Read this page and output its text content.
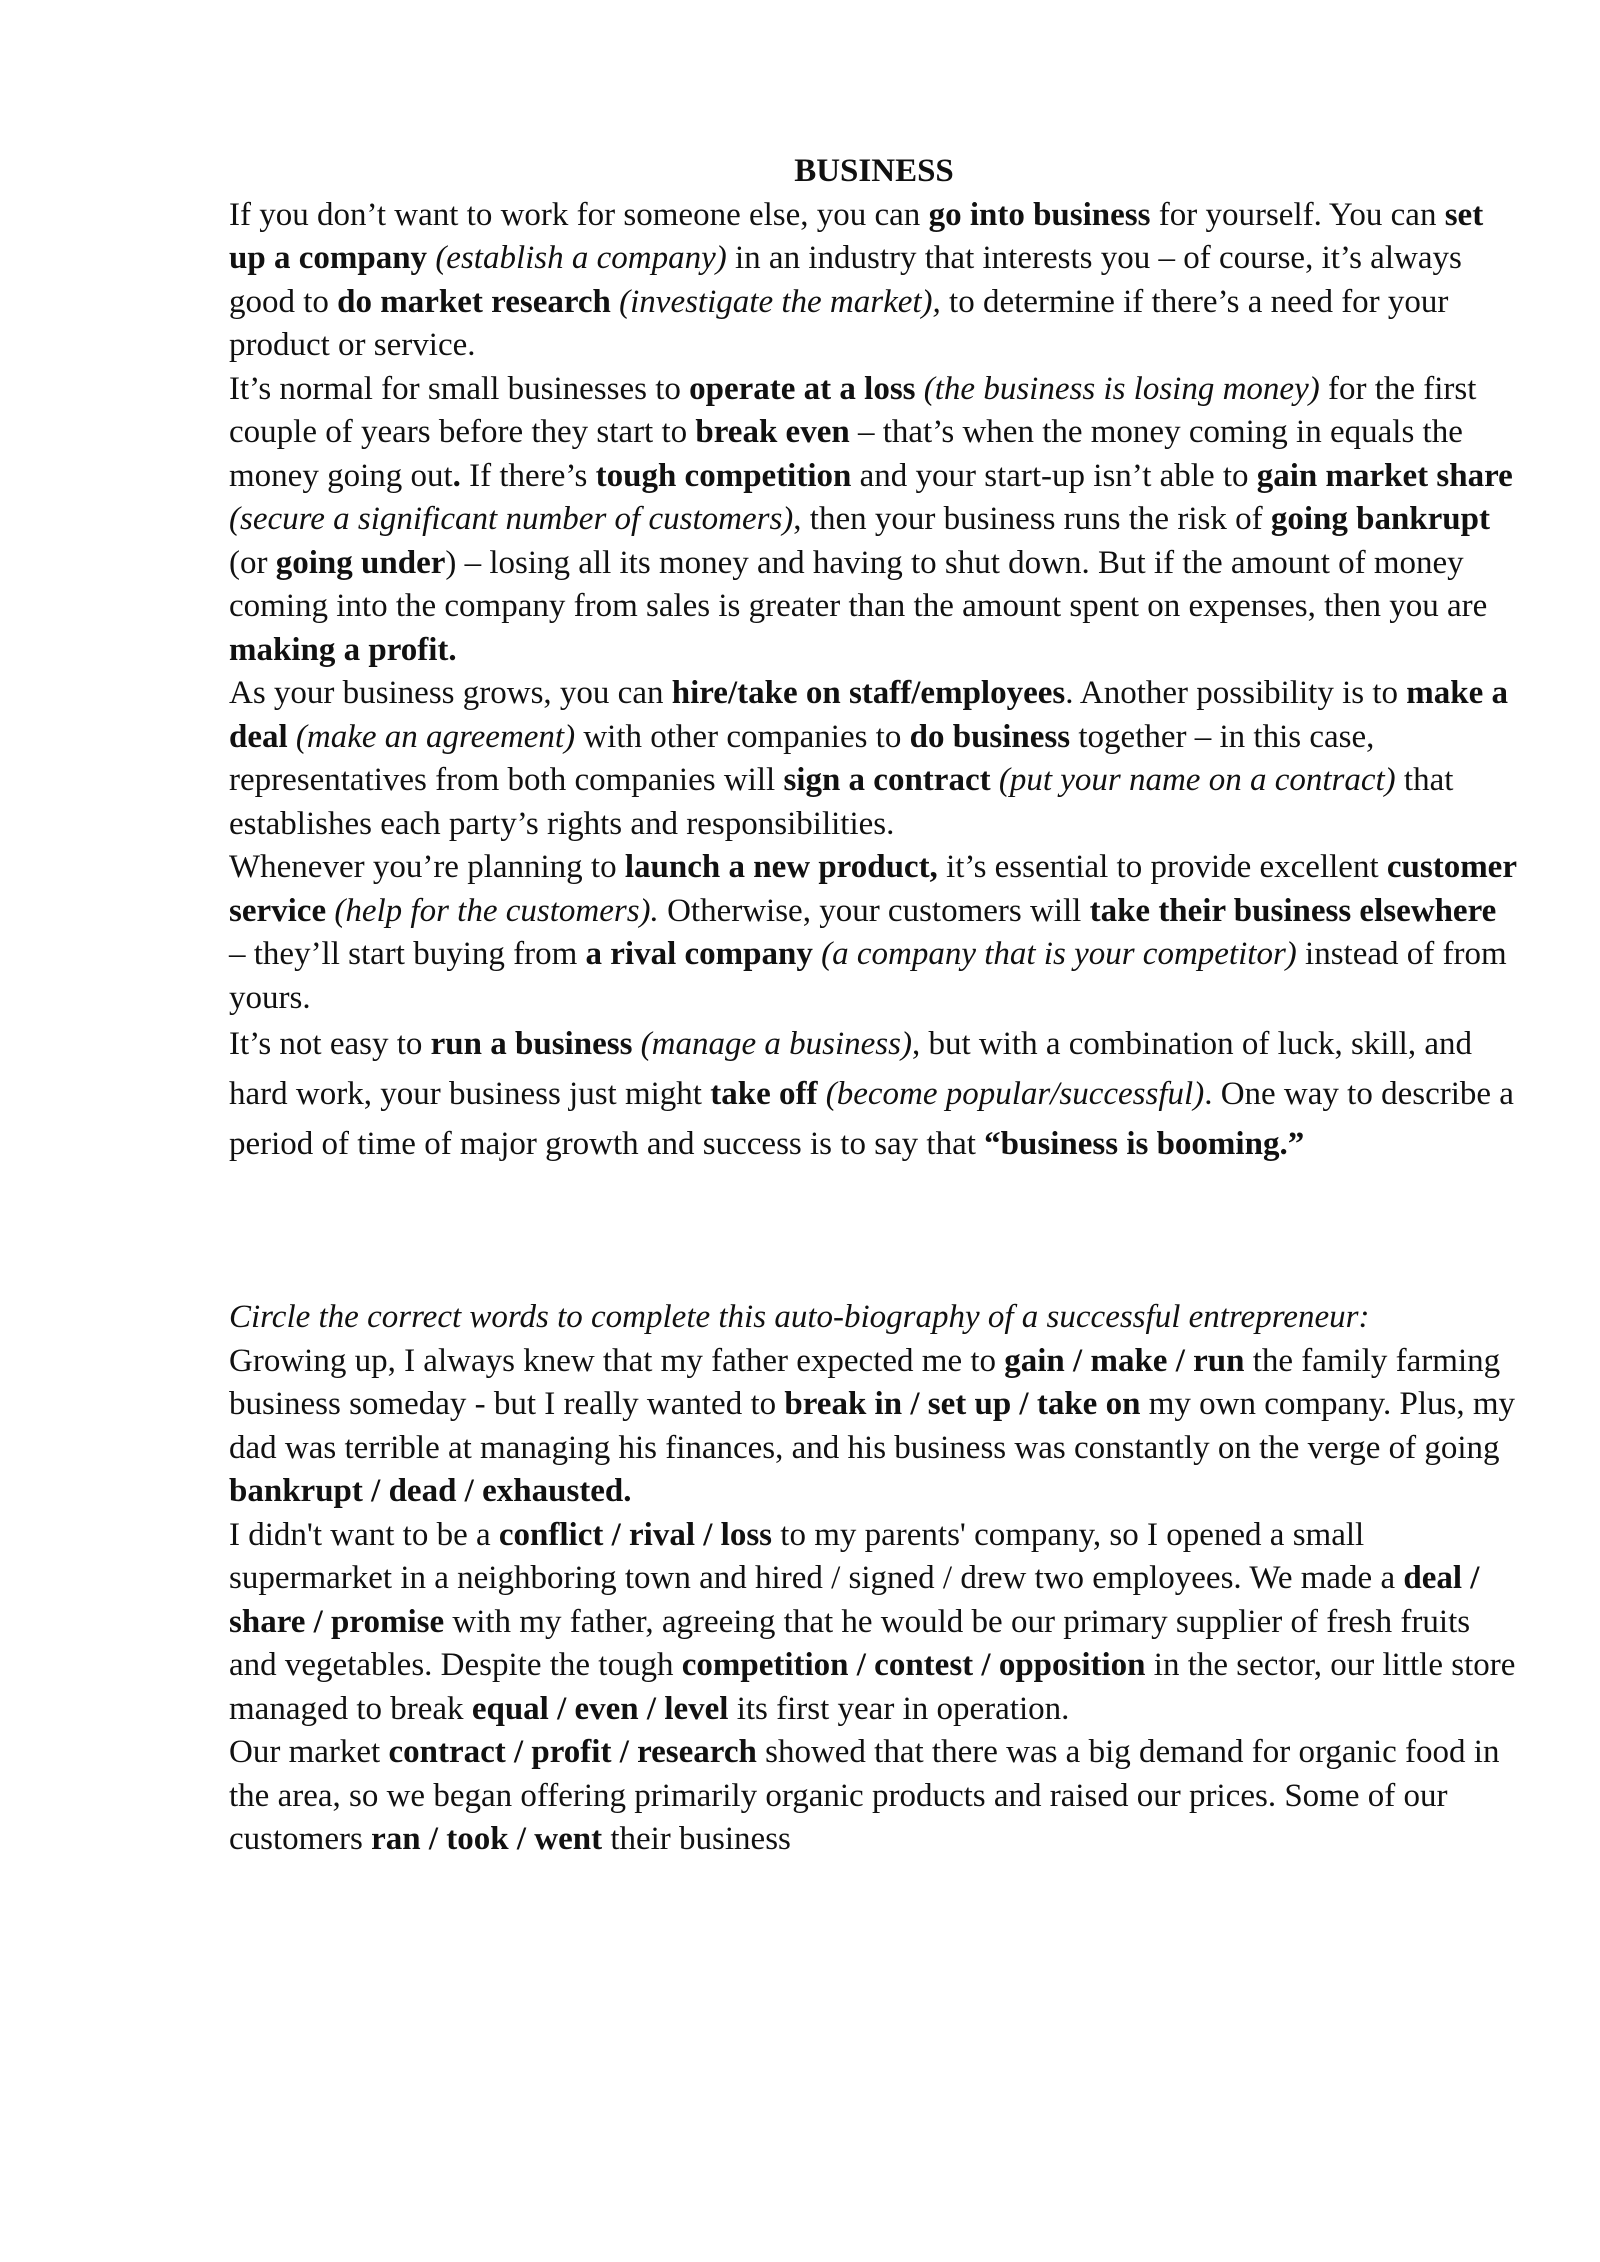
BUSINESS

If you don’t want to work for someone else, you can go into business for yourself. You can set up a company (establish a company) in an industry that interests you – of course, it’s always good to do market research (investigate the market), to determine if there’s a need for your product or service.

It’s normal for small businesses to operate at a loss (the business is losing money) for the first couple of years before they start to break even – that’s when the money coming in equals the money going out. If there’s tough competition and your start-up isn’t able to gain market share (secure a significant number of customers), then your business runs the risk of going bankrupt (or going under) – losing all its money and having to shut down. But if the amount of money coming into the company from sales is greater than the amount spent on expenses, then you are making a profit.

As your business grows, you can hire/take on staff/employees. Another possibility is to make a deal (make an agreement) with other companies to do business together – in this case, representatives from both companies will sign a contract (put your name on a contract) that establishes each party’s rights and responsibilities.

Whenever you’re planning to launch a new product, it’s essential to provide excellent customer service (help for the customers). Otherwise, your customers will take their business elsewhere – they’ll start buying from a rival company (a company that is your competitor) instead of from yours.

It’s not easy to run a business (manage a business), but with a combination of luck, skill, and hard work, your business just might take off (become popular/successful). One way to describe a period of time of major growth and success is to say that “business is booming.”

Circle the correct words to complete this auto-biography of a successful entrepreneur:

Growing up, I always knew that my father expected me to gain / make / run the family farming business someday - but I really wanted to break in / set up / take on my own company. Plus, my dad was terrible at managing his finances, and his business was constantly on the verge of going bankrupt / dead / exhausted.

I didn't want to be a conflict / rival / loss to my parents' company, so I opened a small supermarket in a neighboring town and hired / signed / drew two employees. We made a deal / share / promise with my father, agreeing that he would be our primary supplier of fresh fruits and vegetables. Despite the tough competition / contest / opposition in the sector, our little store managed to break equal / even / level its first year in operation.

Our market contract / profit / research showed that there was a big demand for organic food in the area, so we began offering primarily organic products and raised our prices. Some of our customers ran / took / went their business
